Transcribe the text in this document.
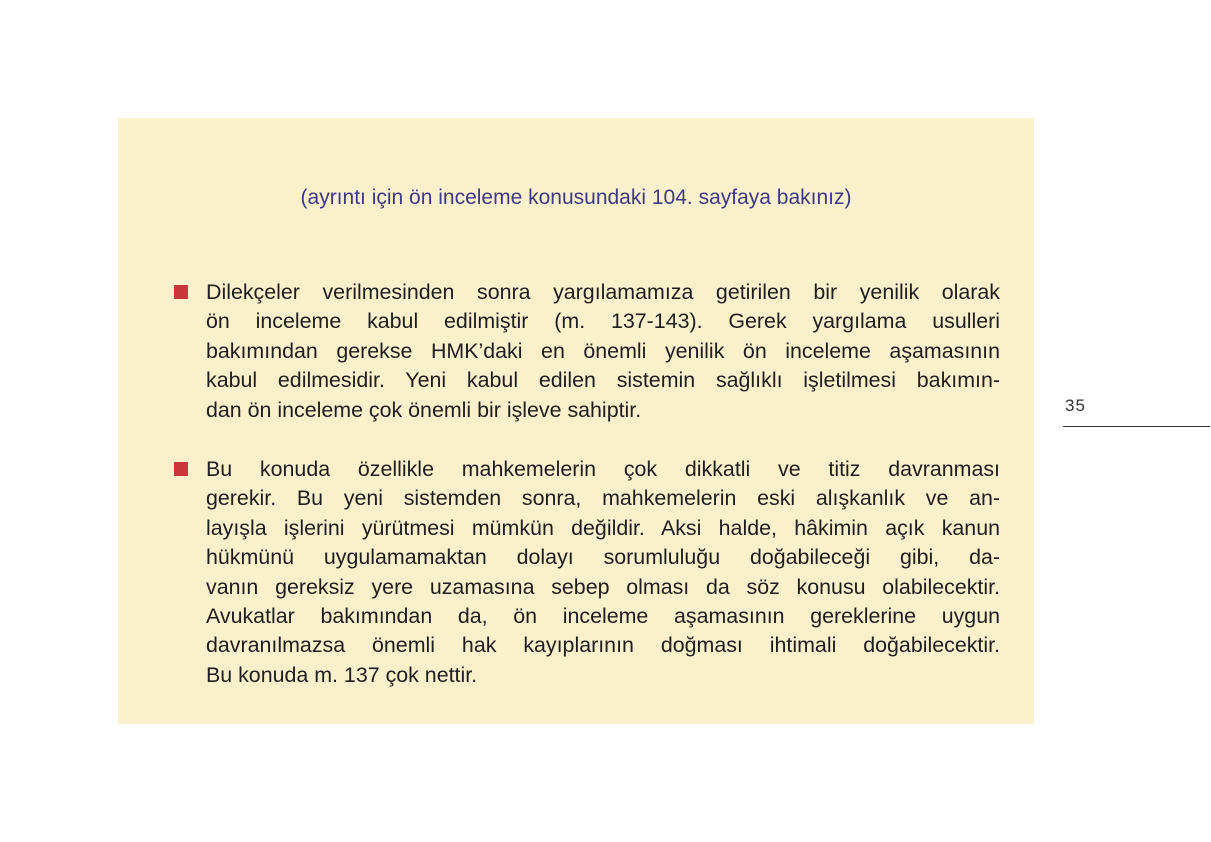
(ayrıntı için ön inceleme konusundaki 104. sayfaya bakınız)

Dilekçeler verilmesinden sonra yargılamamıza getirilen bir yenilik olarak
ön inceleme kabul edilmiştir (m. 137-143). Gerek yargılama usulleri
bakımından gerekse HMK’daki en önemli yenilik ön inceleme aşamasının
kabul edilmesidir. Yeni kabul edilen sistemin sağlıklı işletilmesi bakımın-
dan ön inceleme çok önemli bir işleve sahiptir.

Bu konuda özellikle mahkemelerin çok dikkatli ve titiz davranması
gerekir. Bu yeni sistemden sonra, mahkemelerin eski alışkanlık ve an-
layışla işlerini yürütmesi mümkün değildir. Aksi halde, hâkimin açık kanun
hükmünü uygulamamaktan dolayı sorumluluğu doğabileceği gibi, da-
vanın gereksiz yere uzamasına sebep olması da söz konusu olabilecektir.
Avukatlar bakımından da, ön inceleme aşamasının gereklerine uygun
davranılmazsa önemli hak kayıplarının doğması ihtimali doğabilecektir.
Bu konuda m. 137 çok nettir.

35
